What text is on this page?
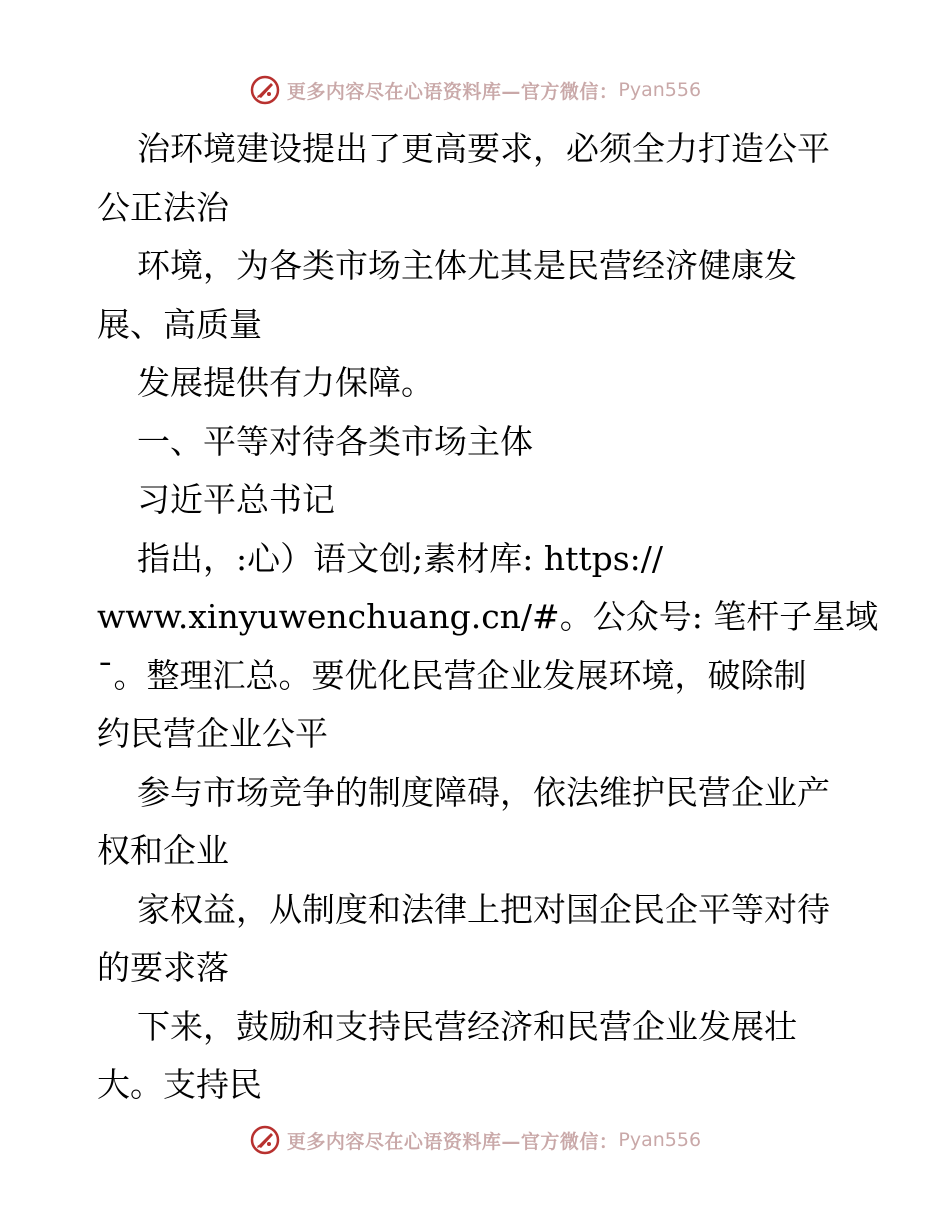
更多内容尽在心语资料库—官方微信： Pyan556
治环境建设提出了更高要求，必须全力打造公平
公正法治
环境，为各类市场主体尤其是民营经济健康发
展、高质量
发展提供有力保障。
一、平等对待各类市场主体
习近平总书记
指出，:心）语文创;素材库: https://
www.xinyuwenchuang.cn/#。公众号: 笔杆子星域
¯。整理汇总。要优化民营企业发展环境，破除制
约民营企业公平
参与市场竞争的制度障碍，依法维护民营企业产
权和企业
家权益，从制度和法律上把对国企民企平等对待
的要求落
下来，鼓励和支持民营经济和民营企业发展壮
大。支持民
更多内容尽在心语资料库—官方微信： Pyan556
